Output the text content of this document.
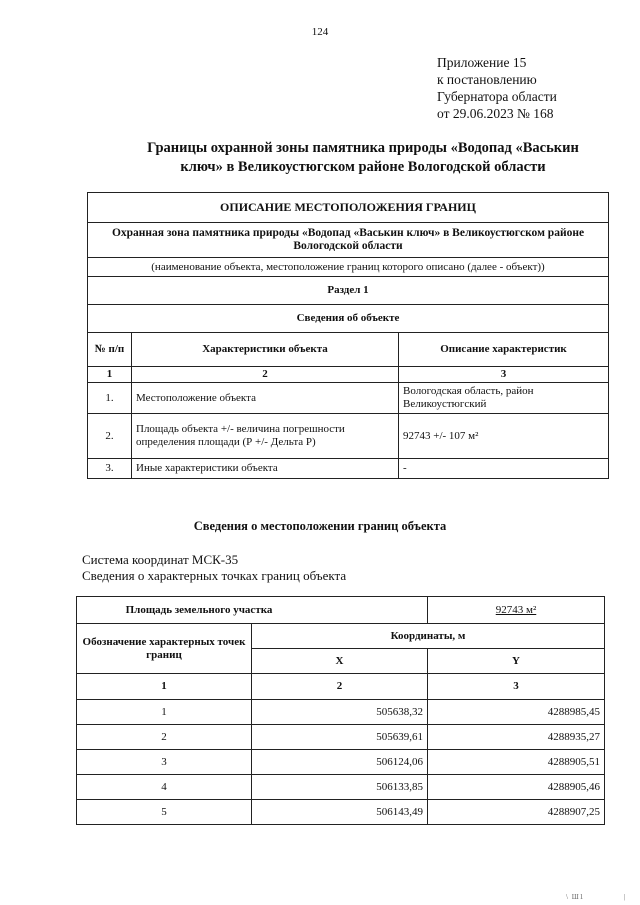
124
Приложение 15
к постановлению
Губернатора области
от 29.06.2023 № 168
Границы охранной зоны памятника природы «Водопад «Васькин
ключ» в Великоустюгском районе Вологодской области
ОПИСАНИЕ МЕСТОПОЛОЖЕНИЯ ГРАНИЦ		
Охранная зона памятника природы «Водопад «Васькин ключ» в Великоустюгском районе Вологодской области		
(наименование объекта, местоположение границ которого описано (далее - объект))		
Раздел 1		
Сведения об объекте		
№ п/п	Характеристики объекта	Описание характеристик
1	2	3
1.	Местоположение объекта	Вологодская область, район Великоустюгский
2.	Площадь объекта +/- величина погрешности определения площади (Р +/- Дельта Р)	92743 +/- 107 м²
3.	Иные характеристики объекта	-
Сведения о местоположении границ объекта
Система координат МСК-35
Сведения о характерных точках границ объекта
Площадь земельного участка		92743 м²
Обозначение характерных точек границ	Координаты, м	
	X	Y
1	2	3
1	505638,32	4288985,45
2	505639,61	4288935,27
3	506124,06	4288905,51
4	506133,85	4288905,46
5	506143,49	4288907,25
\ Ш1	|
